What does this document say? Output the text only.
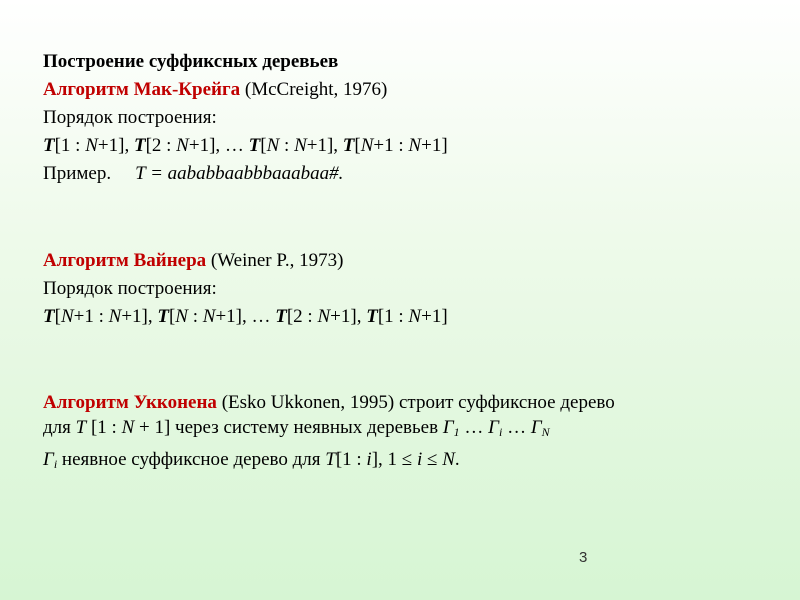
Построение суффиксных деревьев
Алгоритм Мак-Крейга (McCreight, 1976)
Порядок построения:
T[1 : N+1], T[2 : N+1], … T[N : N+1], T[N+1 : N+1]
Пример. T = aababbaabbbaaabaa#.
Алгоритм Вайнера (Weiner P., 1973)
Порядок построения:
T[N+1 : N+1], T[N : N+1], … T[2 : N+1], T[1 : N+1]
Алгоритм Укконена (Esko Ukkonen, 1995) строит суффиксное дерево
для T [1 : N + 1] через систему неявных деревьев $Г_1$ … $Г_i$ … $Г_N$
$Г_i$ неявное суффиксное дерево для T[1 : i], 1 ≤ i ≤ N.
3
